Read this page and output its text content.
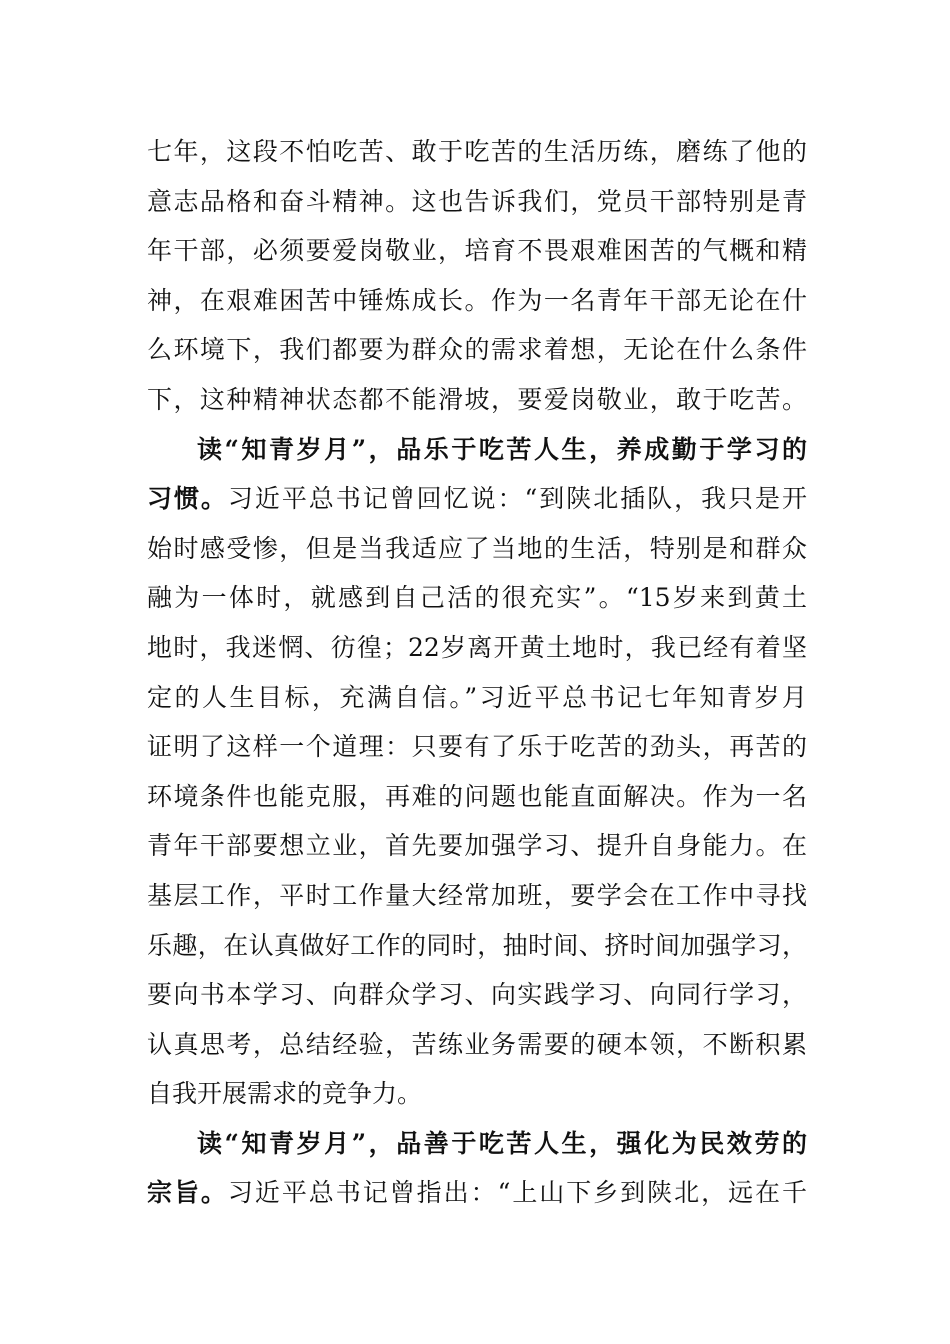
七年，这段不怕吃苦、敢于吃苦的生活历练，磨练了他的
意志品格和奋斗精神。这也告诉我们，党员干部特别是青
年干部，必须要爱岗敬业，培育不畏艰难困苦的气概和精
神，在艰难困苦中锤炼成长。作为一名青年干部无论在什
么环境下，我们都要为群众的需求着想，无论在什么条件
下，这种精神状态都不能滑坡，要爱岗敬业，敢于吃苦。
读“知青岁月”，品乐于吃苦人生，养成勤于学习的
习惯。习近平总书记曾回忆说：“到陕北插队，我只是开
始时感受惨，但是当我适应了当地的生活，特别是和群众
融为一体时，就感到自己活的很充实”。“15岁来到黄土
地时，我迷惘、彷徨；22岁离开黄土地时，我已经有着坚
定的人生目标，充满自信。”习近平总书记七年知青岁月
证明了这样一个道理：只要有了乐于吃苦的劲头，再苦的
环境条件也能克服，再难的问题也能直面解决。作为一名
青年干部要想立业，首先要加强学习、提升自身能力。在
基层工作，平时工作量大经常加班，要学会在工作中寻找
乐趣，在认真做好工作的同时，抽时间、挤时间加强学习，
要向书本学习、向群众学习、向实践学习、向同行学习，
认真思考，总结经验，苦练业务需要的硬本领，不断积累
自我开展需求的竞争力。
读“知青岁月”，品善于吃苦人生，强化为民效劳的
宗旨。习近平总书记曾指出：“上山下乡到陕北，远在千
